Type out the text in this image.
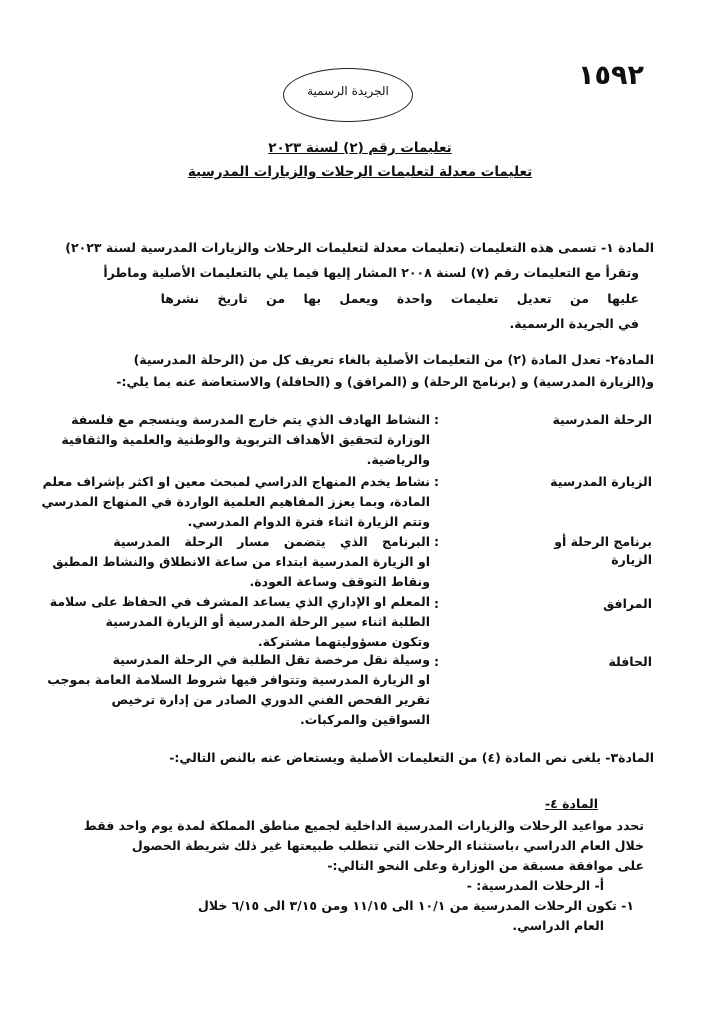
١٥٩٢
الجريدة الرسمية
تعليمات رقم (٢) لسنة ٢٠٢٣
تعليمات معدلة لتعليمات الرحلات والزيارات المدرسية
المادة ١- تسمى هذه التعليمات (تعليمات معدلة لتعليمات الرحلات والزيارات المدرسية لسنة ٢٠٢٣)
وتقرأ مع التعليمات رقم (٧) لسنة ٢٠٠٨ المشار إليها فيما يلي بالتعليمات الأصلية وماطرأ
عليها من تعديل تعليمات واحدة ويعمل بها من تاريخ نشرها
في الجريدة الرسمية.
المادة٢- تعدل المادة (٢) من التعليمات الأصلية بالغاء تعريف كل من (الرحلة المدرسية)
و(الزيارة المدرسية) و (برنامج الرحلة) و (المرافق) و (الحافلة) والاستعاضة عنه بما يلي:-
الرحلة المدرسية
:
النشاط الهادف الذي يتم خارج المدرسة وينسجم مع فلسفة
الوزارة لتحقيق الأهداف التربوية والوطنية والعلمية والثقافية
والرياضية.
الزيارة المدرسية
:
نشاط يخدم المنهاج الدراسي لمبحث معين او اكثر بإشراف معلم
المادة، وبما يعزز المفاهيم العلمية الواردة في المنهاج المدرسي
وتتم الزيارة اثناء فترة الدوام المدرسي.
برنامج الرحلة أو
الزيارة
:
البرنامج الذي يتضمن مسار الرحلة المدرسية
او الزيارة المدرسية ابتداء من ساعة الانطلاق والنشاط المطبق
ونقاط التوقف وساعة العودة.
المرافق
:
المعلم او الإداري الذي يساعد المشرف في الحفاظ على سلامة
الطلبة اثناء سير الرحلة المدرسية أو الزيارة المدرسية
وتكون مسؤوليتهما مشتركة.
الحافلة
:
وسيلة نقل مرخصة تقل الطلبة في الرحلة المدرسية
او الزيارة المدرسية وتتوافر فيها شروط السلامة العامة بموجب
تقرير الفحص الفني الدوري الصادر من إدارة ترخيص
السواقين والمركبات.
المادة٣- يلغى نص المادة (٤) من التعليمات الأصلية ويستعاض عنه بالنص التالي:-
المادة ٤-
تحدد مواعيد الرحلات والزيارات المدرسية الداخلية لجميع مناطق المملكة لمدة يوم واحد فقط
خلال العام الدراسي ،باستثناء الرحلات التي تتطلب طبيعتها غير ذلك شريطة الحصول
على موافقة مسبقة من الوزارة وعلى النحو التالي:-
أ- الرحلات المدرسية: -
١- تكون الرحلات المدرسية من ١٠/١ الى ١١/١٥ ومن ٣/١٥ الى ٦/١٥ خلال
العام الدراسي.
